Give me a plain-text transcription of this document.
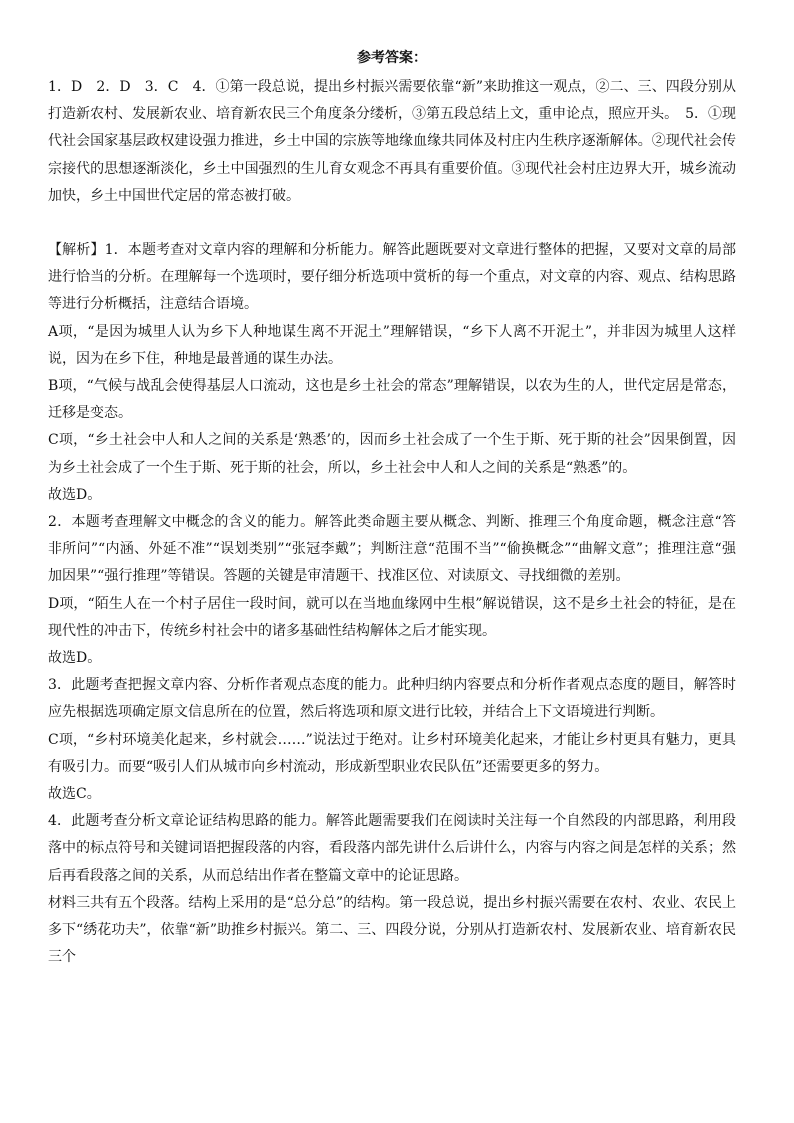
参考答案：

1．D　2．D　3．C　4．①第一段总说，提出乡村振兴需要依靠“新”来助推这一观点，②二、三、四段分别从打造新农村、发展新农业、培育新农民三个角度条分缕析，③第五段总结上文，重申论点，照应开头。　5．①现代社会国家基层政权建设强力推进，乡土中国的宗族等地缘血缘共同体及村庄内生秩序逐渐解体。②现代社会传宗接代的思想逐渐淡化，乡土中国强烈的生儿育女观念不再具有重要价值。③现代社会村庄边界大开，城乡流动加快，乡土中国世代定居的常态被打破。

【解析】1．本题考查对文章内容的理解和分析能力。解答此题既要对文章进行整体的把握，又要对文章的局部进行恰当的分析。在理解每一个选项时，要仔细分析选项中赏析的每一个重点，对文章的内容、观点、结构思路等进行分析概括，注意结合语境。

A项，“是因为城里人认为乡下人种地谋生离不开泥土”理解错误，“乡下人离不开泥土”，并非因为城里人这样说，因为在乡下住，种地是最普通的谋生办法。

B项，“气候与战乱会使得基层人口流动，这也是乡土社会的常态”理解错误，以农为生的人，世代定居是常态，迁移是变态。

C项，“乡土社会中人和人之间的关系是‘熟悉’的，因而乡土社会成了一个生于斯、死于斯的社会”因果倒置，因为乡土社会成了一个生于斯、死于斯的社会，所以，乡土社会中人和人之间的关系是“熟悉”的。

故选D。

2．本题考查理解文中概念的含义的能力。解答此类命题主要从概念、判断、推理三个角度命题，概念注意“答非所问”“内涵、外延不准”“误划类别”“张冠李戴”；判断注意“范围不当”“偷换概念”“曲解文意”；推理注意“强加因果”“强行推理”等错误。答题的关键是审清题干、找准区位、对读原文、寻找细微的差别。

D项，“陌生人在一个村子居住一段时间，就可以在当地血缘网中生根”解说错误，这不是乡土社会的特征，是在现代性的冲击下，传统乡村社会中的诸多基础性结构解体之后才能实现。

故选D。

3．此题考查把握文章内容、分析作者观点态度的能力。此种归纳内容要点和分析作者观点态度的题目，解答时应先根据选项确定原文信息所在的位置，然后将选项和原文进行比较，并结合上下文语境进行判断。

C项，“乡村环境美化起来，乡村就会……”说法过于绝对。让乡村环境美化起来，才能让乡村更具有魅力，更具有吸引力。而要“吸引人们从城市向乡村流动，形成新型职业农民队伍”还需要更多的努力。

故选C。

4．此题考查分析文章论证结构思路的能力。解答此题需要我们在阅读时关注每一个自然段的内部思路，利用段落中的标点符号和关键词语把握段落的内容，看段落内部先讲什么后讲什么，内容与内容之间是怎样的关系；然后再看段落之间的关系，从而总结出作者在整篇文章中的论证思路。

材料三共有五个段落。结构上采用的是“总分总”的结构。第一段总说，提出乡村振兴需要在农村、农业、农民上多下“绣花功夫”，依靠“新”助推乡村振兴。第二、三、四段分说，分别从打造新农村、发展新农业、培育新农民三个
